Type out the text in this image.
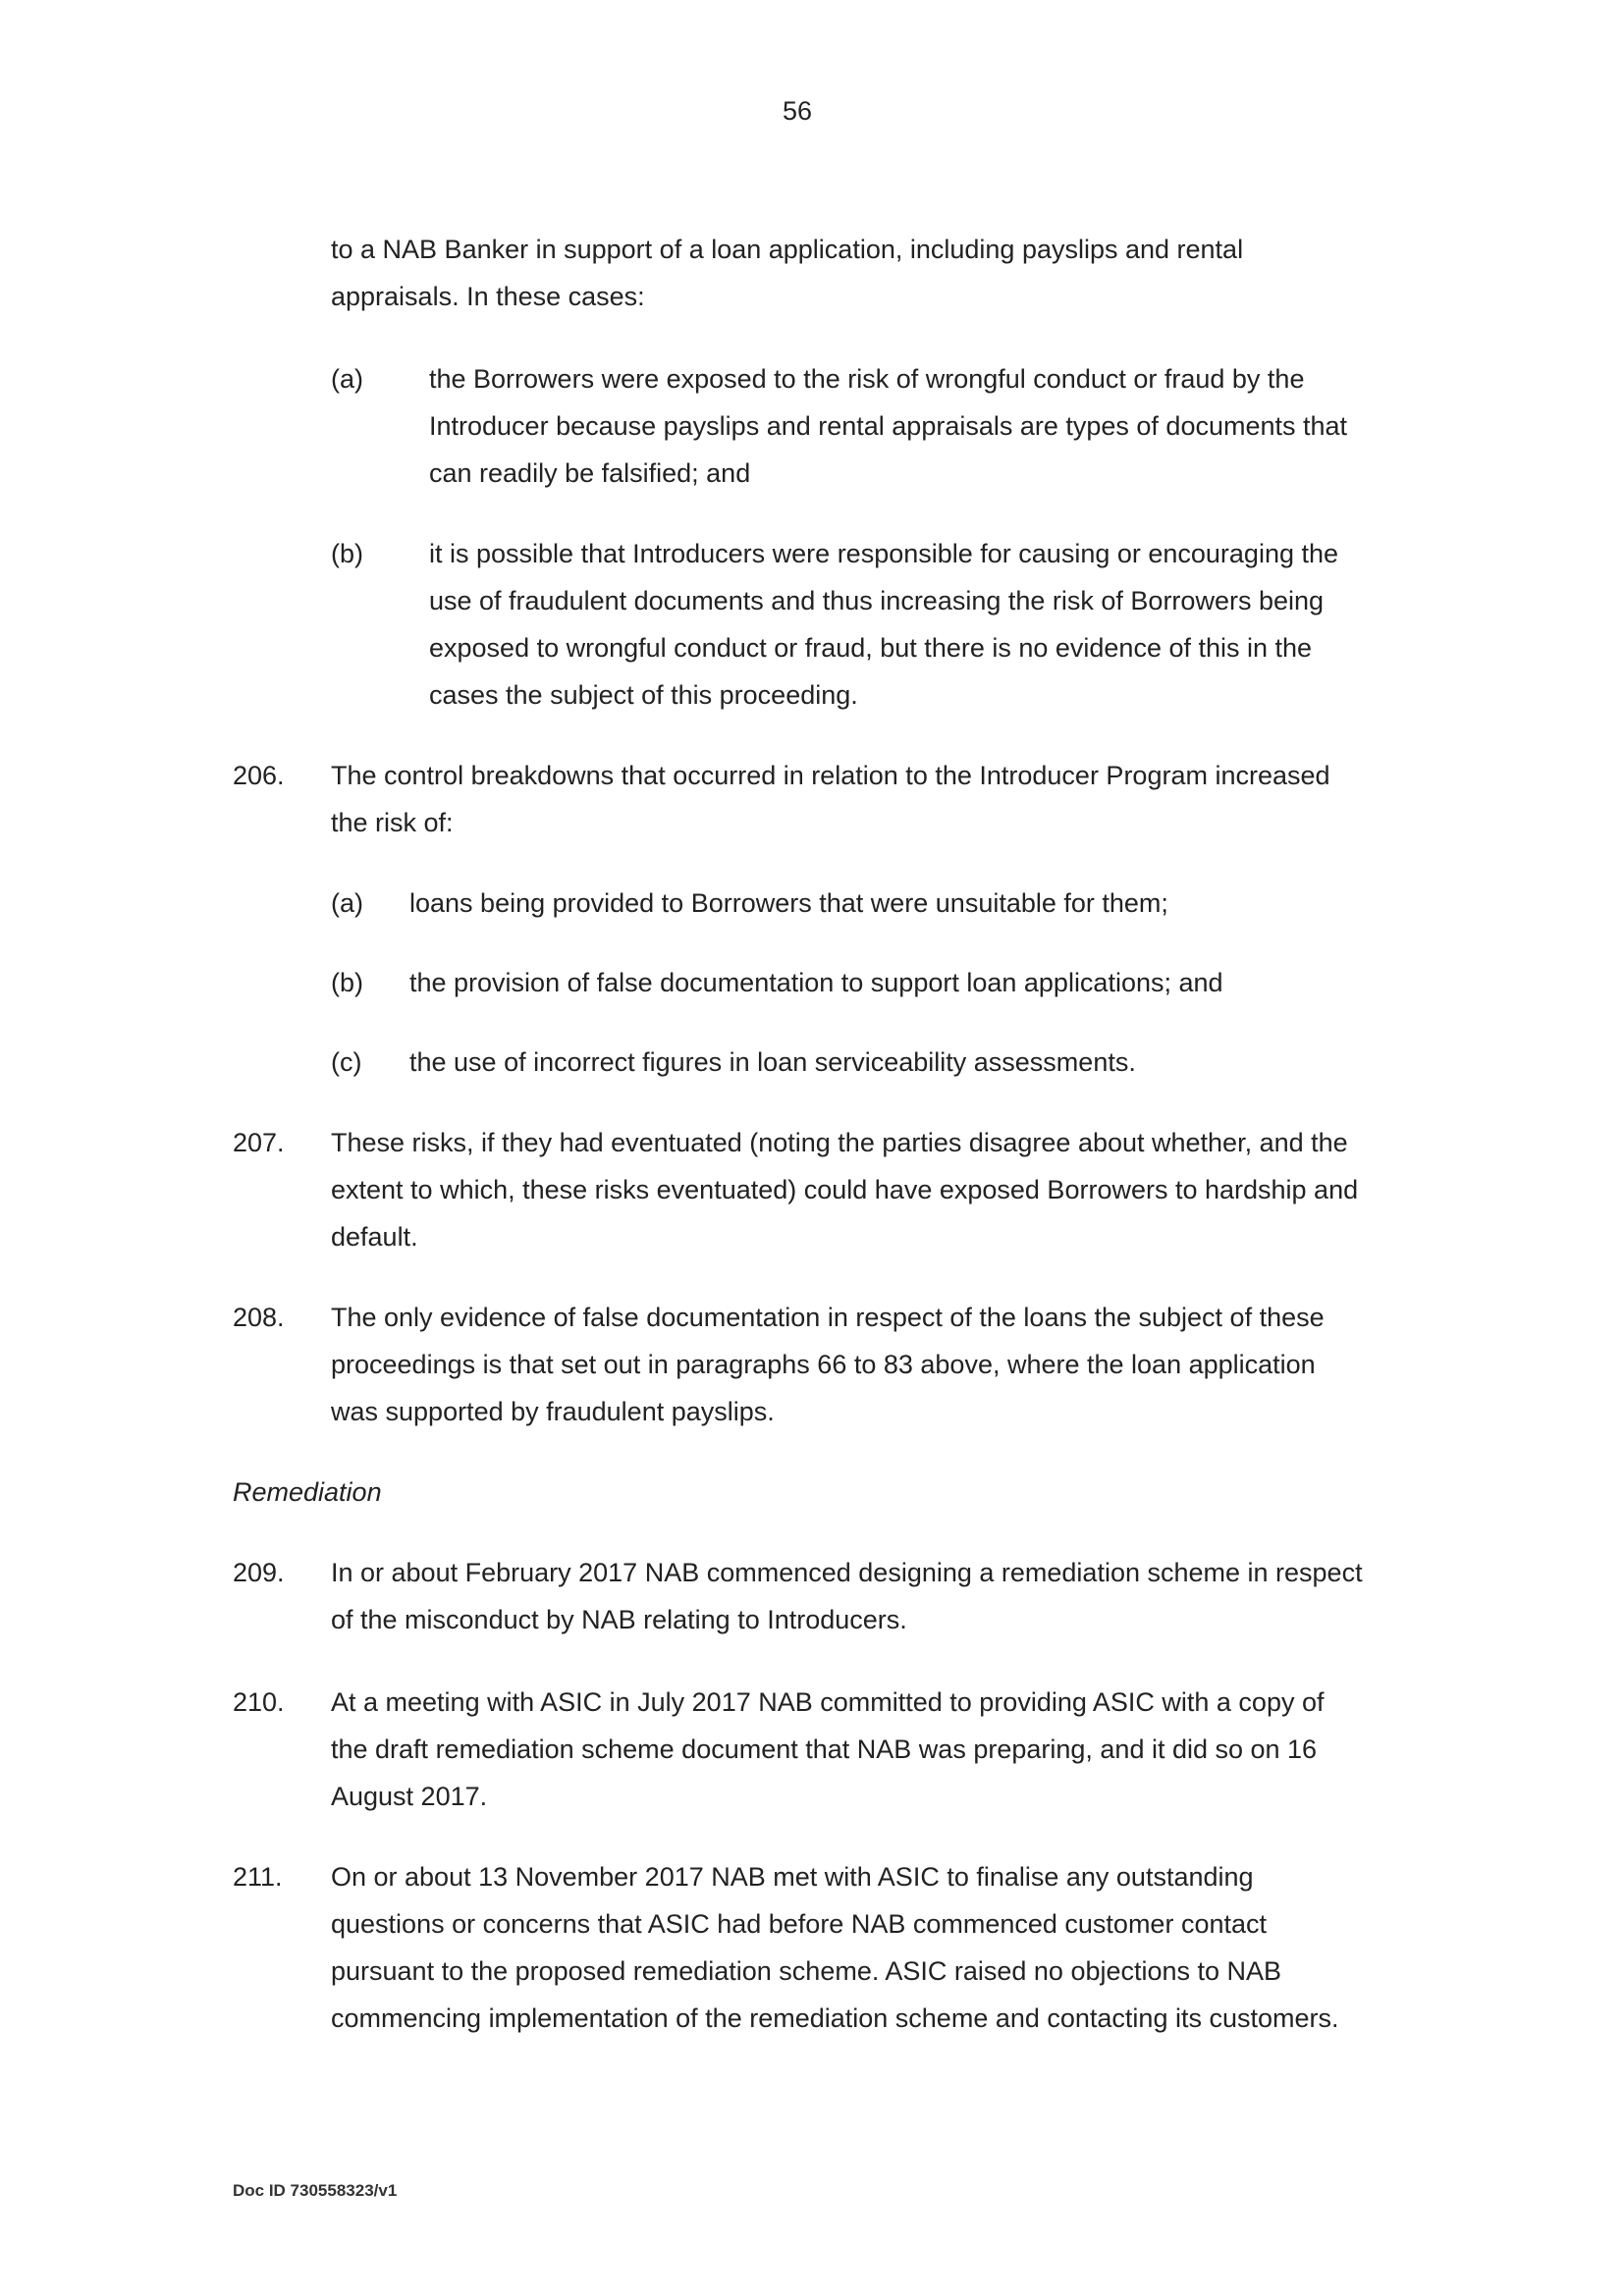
56
to a NAB Banker in support of a loan application, including payslips and rental
appraisals. In these cases:
(a) the Borrowers were exposed to the risk of wrongful conduct or fraud by the
Introducer because payslips and rental appraisals are types of documents that
can readily be falsified; and
(b) it is possible that Introducers were responsible for causing or encouraging the
use of fraudulent documents and thus increasing the risk of Borrowers being
exposed to wrongful conduct or fraud, but there is no evidence of this in the
cases the subject of this proceeding.
206. The control breakdowns that occurred in relation to the Introducer Program increased
the risk of:
(a) loans being provided to Borrowers that were unsuitable for them;
(b) the provision of false documentation to support loan applications; and
(c) the use of incorrect figures in loan serviceability assessments.
207. These risks, if they had eventuated (noting the parties disagree about whether, and the
extent to which, these risks eventuated) could have exposed Borrowers to hardship and
default.
208. The only evidence of false documentation in respect of the loans the subject of these
proceedings is that set out in paragraphs 66 to 83 above, where the loan application
was supported by fraudulent payslips.
Remediation
209. In or about February 2017 NAB commenced designing a remediation scheme in respect
of the misconduct by NAB relating to Introducers.
210. At a meeting with ASIC in July 2017 NAB committed to providing ASIC with a copy of
the draft remediation scheme document that NAB was preparing, and it did so on 16
August 2017.
211. On or about 13 November 2017 NAB met with ASIC to finalise any outstanding
questions or concerns that ASIC had before NAB commenced customer contact
pursuant to the proposed remediation scheme. ASIC raised no objections to NAB
commencing implementation of the remediation scheme and contacting its customers.
Doc ID 730558323/v1
